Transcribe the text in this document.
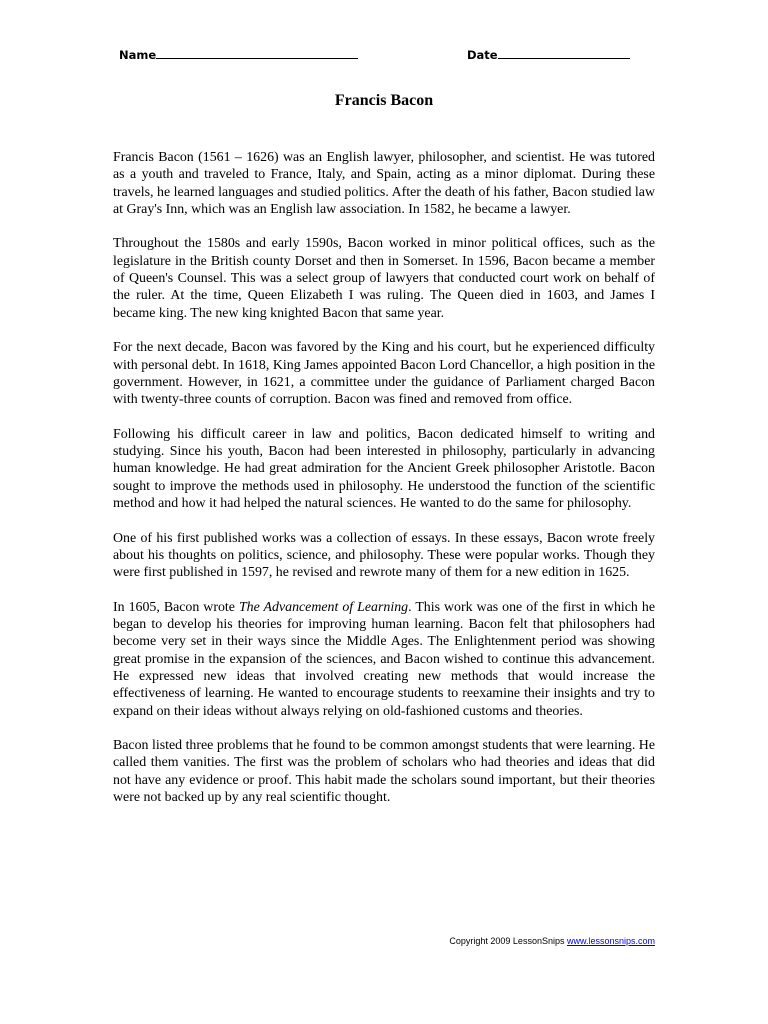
Name	Date
Francis Bacon

Francis Bacon (1561 – 1626) was an English lawyer, philosopher, and scientist. He was tutored as a youth and traveled to France, Italy, and Spain, acting as a minor diplomat. During these travels, he learned languages and studied politics. After the death of his father, Bacon studied law at Gray's Inn, which was an English law association. In 1582, he became a lawyer.

Throughout the 1580s and early 1590s, Bacon worked in minor political offices, such as the legislature in the British county Dorset and then in Somerset. In 1596, Bacon became a member of Queen's Counsel. This was a select group of lawyers that conducted court work on behalf of the ruler. At the time, Queen Elizabeth I was ruling. The Queen died in 1603, and James I became king. The new king knighted Bacon that same year.

For the next decade, Bacon was favored by the King and his court, but he experienced difficulty with personal debt. In 1618, King James appointed Bacon Lord Chancellor, a high position in the government. However, in 1621, a committee under the guidance of Parliament charged Bacon with twenty-three counts of corruption. Bacon was fined and removed from office.

Following his difficult career in law and politics, Bacon dedicated himself to writing and studying. Since his youth, Bacon had been interested in philosophy, particularly in advancing human knowledge. He had great admiration for the Ancient Greek philosopher Aristotle. Bacon sought to improve the methods used in philosophy. He understood the function of the scientific method and how it had helped the natural sciences. He wanted to do the same for philosophy.

One of his first published works was a collection of essays. In these essays, Bacon wrote freely about his thoughts on politics, science, and philosophy. These were popular works. Though they were first published in 1597, he revised and rewrote many of them for a new edition in 1625.

In 1605, Bacon wrote The Advancement of Learning. This work was one of the first in which he began to develop his theories for improving human learning. Bacon felt that philosophers had become very set in their ways since the Middle Ages. The Enlightenment period was showing great promise in the expansion of the sciences, and Bacon wished to continue this advancement. He expressed new ideas that involved creating new methods that would increase the effectiveness of learning. He wanted to encourage students to reexamine their insights and try to expand on their ideas without always relying on old-fashioned customs and theories.

Bacon listed three problems that he found to be common amongst students that were learning. He called them vanities. The first was the problem of scholars who had theories and ideas that did not have any evidence or proof. This habit made the scholars sound important, but their theories were not backed up by any real scientific thought.

Copyright 2009 LessonSnips www.lessonsnips.com
